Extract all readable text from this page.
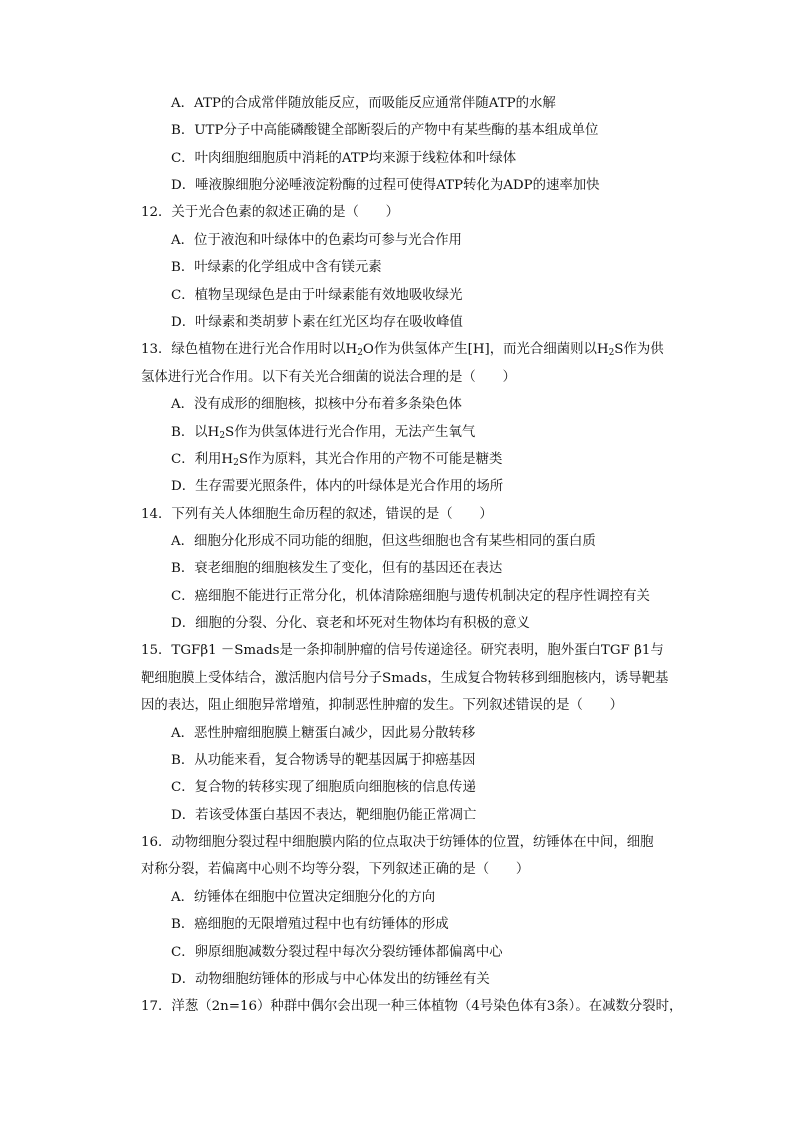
A．ATP的合成常伴随放能反应，而吸能反应通常伴随ATP的水解
B．UTP分子中高能磷酸键全部断裂后的产物中有某些酶的基本组成单位
C．叶肉细胞细胞质中消耗的ATP均来源于线粒体和叶绿体
D．唾液腺细胞分泌唾液淀粉酶的过程可使得ATP转化为ADP的速率加快
12．关于光合色素的叙述正确的是（　　）
A．位于液泡和叶绿体中的色素均可参与光合作用
B．叶绿素的化学组成中含有镁元素
C．植物呈现绿色是由于叶绿素能有效地吸收绿光
D．叶绿素和类胡萝卜素在红光区均存在吸收峰值
13．绿色植物在进行光合作用时以$H_2O$作为供氢体产生[H]，而光合细菌则以$H_2S$作为供
氢体进行光合作用。以下有关光合细菌的说法合理的是（　　）
A．没有成形的细胞核，拟核中分布着多条染色体
B．以$H_2S$作为供氢体进行光合作用，无法产生氧气
C．利用$H_2S$作为原料，其光合作用的产物不可能是糖类
D．生存需要光照条件，体内的叶绿体是光合作用的场所
14．下列有关人体细胞生命历程的叙述，错误的是（　　）
A．细胞分化形成不同功能的细胞，但这些细胞也含有某些相同的蛋白质
B．衰老细胞的细胞核发生了变化，但有的基因还在表达
C．癌细胞不能进行正常分化，机体清除癌细胞与遗传机制决定的程序性调控有关
D．细胞的分裂、分化、衰老和坏死对生物体均有积极的意义
15．TGFβ1 －Smads是一条抑制肿瘤的信号传递途径。研究表明，胞外蛋白TGF β1与
靶细胞膜上受体结合，激活胞内信号分子Smads，生成复合物转移到细胞核内，诱导靶基
因的表达，阻止细胞异常增殖，抑制恶性肿瘤的发生。下列叙述错误的是（　　）
A．恶性肿瘤细胞膜上糖蛋白减少，因此易分散转移
B．从功能来看，复合物诱导的靶基因属于抑癌基因
C．复合物的转移实现了细胞质向细胞核的信息传递
D．若该受体蛋白基因不表达，靶细胞仍能正常凋亡
16．动物细胞分裂过程中细胞膜内陷的位点取决于纺锤体的位置，纺锤体在中间，细胞
对称分裂，若偏离中心则不均等分裂，下列叙述正确的是（　　）
A．纺锤体在细胞中位置决定细胞分化的方向
B．癌细胞的无限增殖过程中也有纺锤体的形成
C．卵原细胞减数分裂过程中每次分裂纺锤体都偏离中心
D．动物细胞纺锤体的形成与中心体发出的纺锤丝有关
17．洋葱（2n=16）种群中偶尔会出现一种三体植物（4号染色体有3条）。在减数分裂时，
